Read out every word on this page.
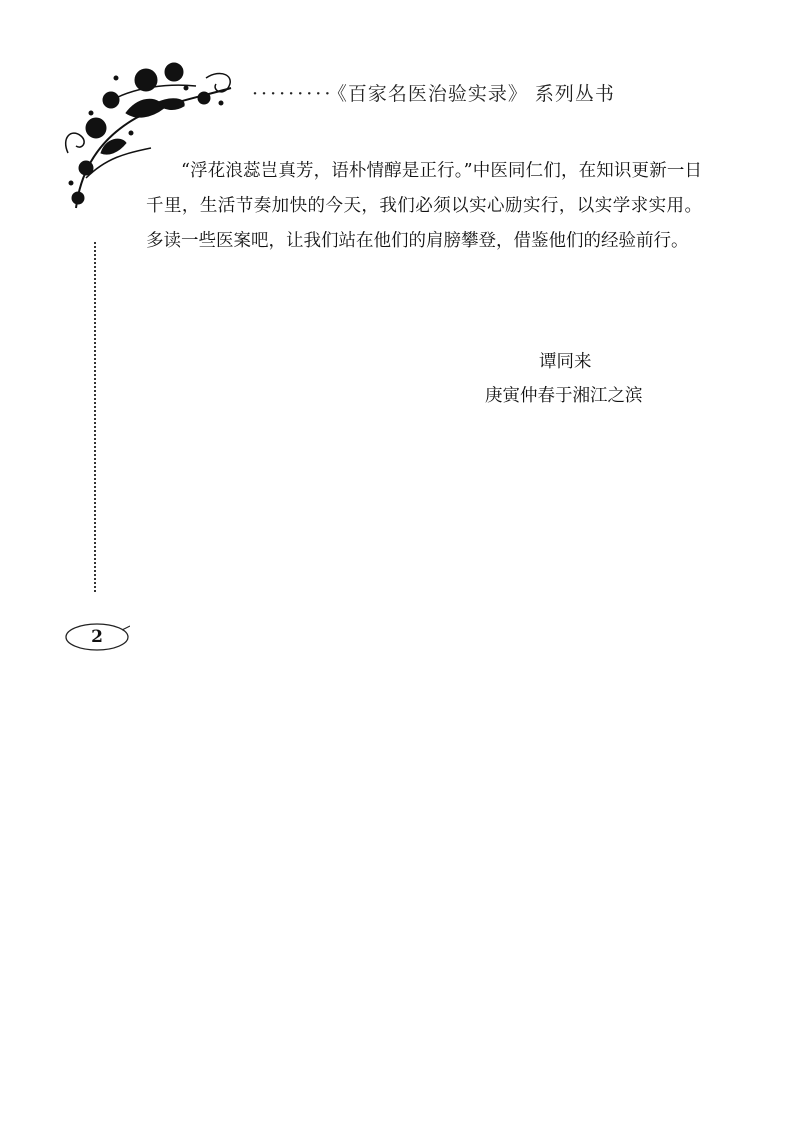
········· 《百家名医治验实录》 系列丛书

“浮花浪蕊岂真芳，语朴情醇是正行。”中医同仁们，在知识更新一日千里，生活节奏加快的今天，我们必须以实心励实行，以实学求实用。多读一些医案吧，让我们站在他们的肩膀攀登，借鉴他们的经验前行。

谭同来
庚寅仲春于湘江之滨
2
